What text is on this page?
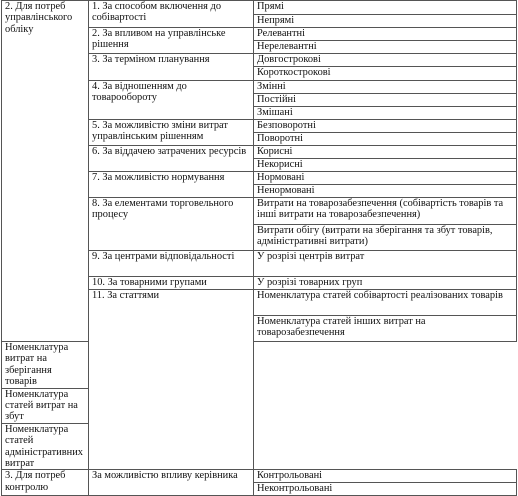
2. Для потреб управлінського обліку	1. За способом включення до собівартості	Прямі
		Непрямі
	2. За впливом на управлінське рішення	Релевантні
		Нерелевантні
	3. За терміном планування	Довгострокові
		Короткострокові
	4. За відношенням до товарообороту	Змінні
		Постійні
		Змішані
	5. За можливістю зміни витрат управлінським рішенням	Безповоротні
		Поворотні
	6. За віддачею затрачених ресурсів	Корисні
		Некорисні
	7. За можливістю нормування	Нормовані
		Ненормовані
	8. За елементами торговельного процесу	Витрати на товарозабезпечення (собівартість товарів та інші витрати на товарозабезпечення)
		Витрати обігу (витрати на зберігання та збут товарів, адміністративні витрати)
	9. За центрами відповідальності	У розрізі центрів витрат
	10. За товарними групами	У розрізі товарних груп
	11. За статтями	Номенклатура статей собівартості реалізованих товарів
		Номенклатура статей інших витрат на товарозабезпечення
Номенклатура витрат на зберігання товарів		
Номенклатура статей витрат на збут		
Номенклатура статей адміністративних витрат		
3. Для потреб контролю	За можливістю впливу керівника	Контрольовані
		Неконтрольовані
